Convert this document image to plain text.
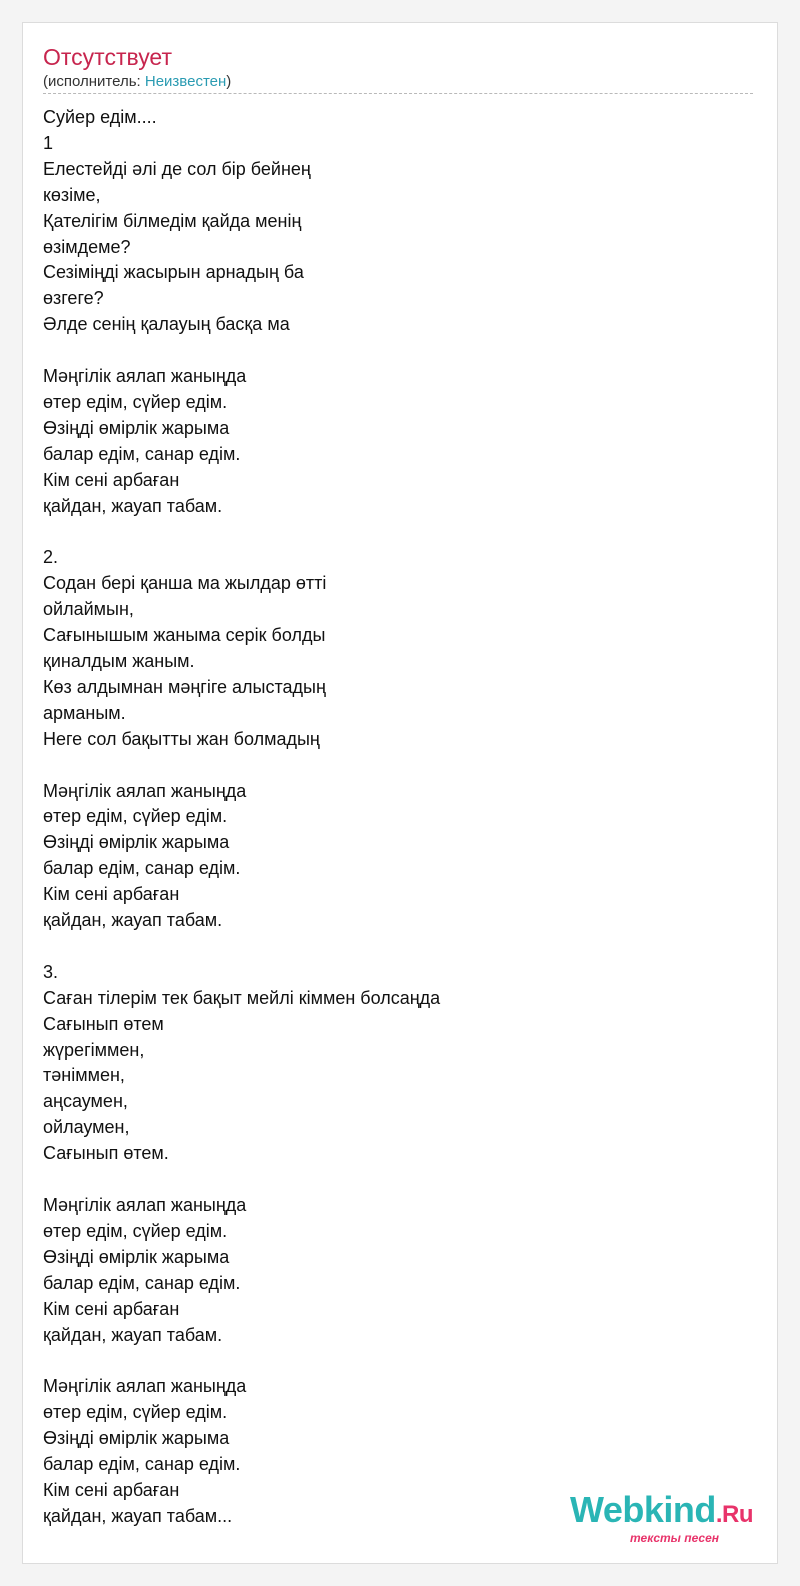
Отсутствует
(исполнитель: Неизвестен)
Суйер едім....
1
Елестейді әлі де сол бір бейнең
көзіме,
Қателігім білмедім қайда менің
өзімдеме?
Сезіміңді жасырын арнадың ба
өзгеге?
Әлде сенің қалауың басқа ма
Мәңгілік аялап жаныңда
өтер едім, сүйер едім.
Өзіңді өмірлік жарыма
балар едім, санар едім.
Кім сені арбаған
қайдан, жауап табам.
2.
Содан бері қанша ма жылдар өтті
ойлаймын,
Сағынышым жаныма серік болды
қиналдым жаным.
Көз алдымнан мәңгіге алыстадың
арманым.
Неге сол бақытты жан болмадың
Мәңгілік аялап жаныңда
өтер едім, сүйер едім.
Өзіңді өмірлік жарыма
балар едім, санар едім.
Кім сені арбаған
қайдан, жауап табам.
3.
Саған тілерім тек бақыт мейлі кіммен болсаңда
Сағынып өтем
жүрегіммен,
тәніммен,
аңсаумен,
ойлаумен,
Сағынып өтем.
Мәңгілік аялап жаныңда
өтер едім, сүйер едім.
Өзіңді өмірлік жарыма
балар едім, санар едім.
Кім сені арбаған
қайдан, жауап табам.
Мәңгілік аялап жаныңда
өтер едім, сүйер едім.
Өзіңді өмірлік жарыма
балар едім, санар едім.
Кім сені арбаған
қайдан, жауап табам...	Webkind.Ru
тексты песен
